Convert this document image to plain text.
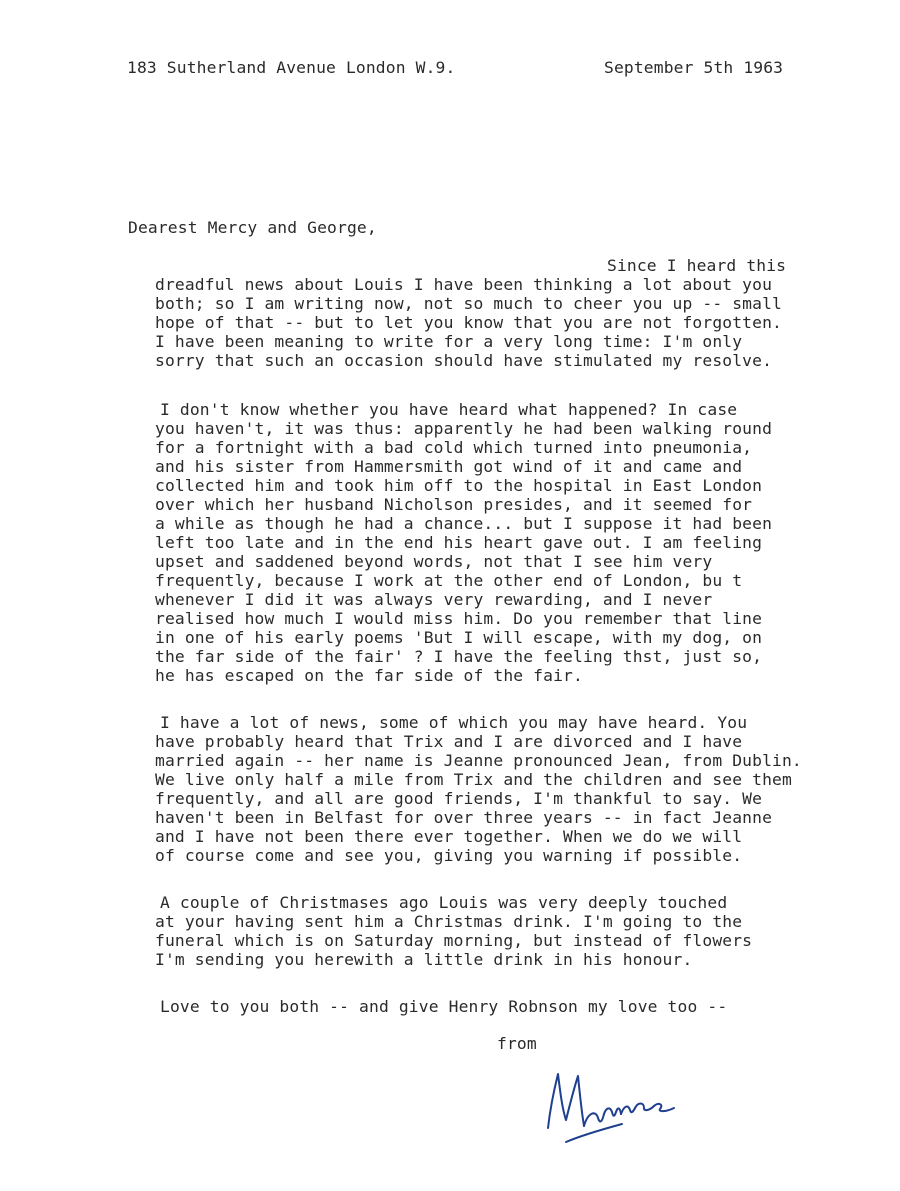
183 Sutherland Avenue London W.9.	September 5th 1963
Dearest Mercy and George,
Since I heard this
dreadful news about Louis I have been thinking a lot about you
both; so I am writing now, not so much to cheer you up -- small
hope of that -- but to let you know that you are not forgotten.
I have been meaning to write for a very long time: I'm only
sorry that such an occasion should have stimulated my resolve.
I don't know whether you have heard what happened? In case
you haven't, it was thus: apparently he had been walking round
for a fortnight with a bad cold which turned into pneumonia,
and his sister from Hammersmith got wind of it and came and
collected him and took him off to the hospital in East London
over which her husband Nicholson presides, and it seemed for
a while as though he had a chance... but I suppose it had been
left too late and in the end his heart gave out. I am feeling
upset and saddened beyond words, not that I see him very
frequently, because I work at the other end of London, bu t
whenever I did it was always very rewarding, and I never
realised how much I would miss him. Do you remember that line
in one of his early poems 'But I will escape, with my dog, on
the far side of the fair' ? I have the feeling thst, just so,
he has escaped on the far side of the fair.
I have a lot of news, some of which you may have heard. You
have probably heard that Trix and I are divorced and I have
married again -- her name is Jeanne pronounced Jean, from Dublin.
We live only half a mile from Trix and the children and see them
frequently, and all are good friends, I'm thankful to say. We
haven't been in Belfast for over three years -- in fact Jeanne
and I have not been there ever together. When we do we will
of course come and see you, giving you warning if possible.
A couple of Christmases ago Louis was very deeply touched
at your having sent him a Christmas drink. I'm going to the
funeral which is on Saturday morning, but instead of flowers
I'm sending you herewith a little drink in his honour.
Love to you both -- and give Henry Robnson my love too --
from
